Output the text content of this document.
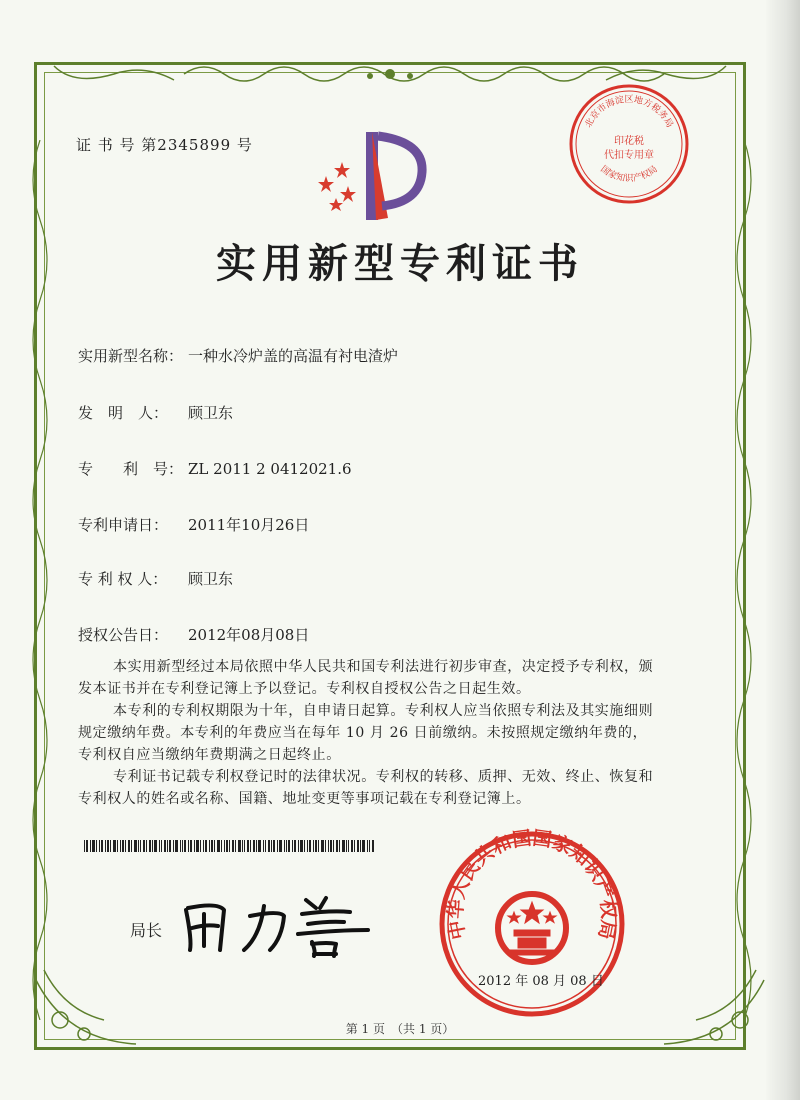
证 书 号 第2345899 号
实用新型专利证书
实用新型名称： 一种水冷炉盖的高温有衬电渣炉
发　明　人： 顾卫东
专　　利　号： ZL 2011 2 0412021.6
专利申请日： 2011年10月26日
专 利 权 人： 顾卫东
授权公告日： 2012年08月08日

本实用新型经过本局依照中华人民共和国专利法进行初步审查，决定授予专利权，颁发本证书并在专利登记簿上予以登记。专利权自授权公告之日起生效。

本专利的专利权期限为十年，自申请日起算。专利权人应当依照专利法及其实施细则规定缴纳年费。本专利的年费应当在每年 10 月 26 日前缴纳。未按照规定缴纳年费的，专利权自应当缴纳年费期满之日起终止。

专利证书记载专利权登记时的法律状况。专利权的转移、质押、无效、终止、恢复和专利权人的姓名或名称、国籍、地址变更等事项记载在专利登记簿上。

局长
北京市海淀区地方税务局
国家知识产权局
印花税
代扣专用章
中华人民共和国国家知识产权局
2012 年 08 月 08 日
第 1 页　（共 1 页）
